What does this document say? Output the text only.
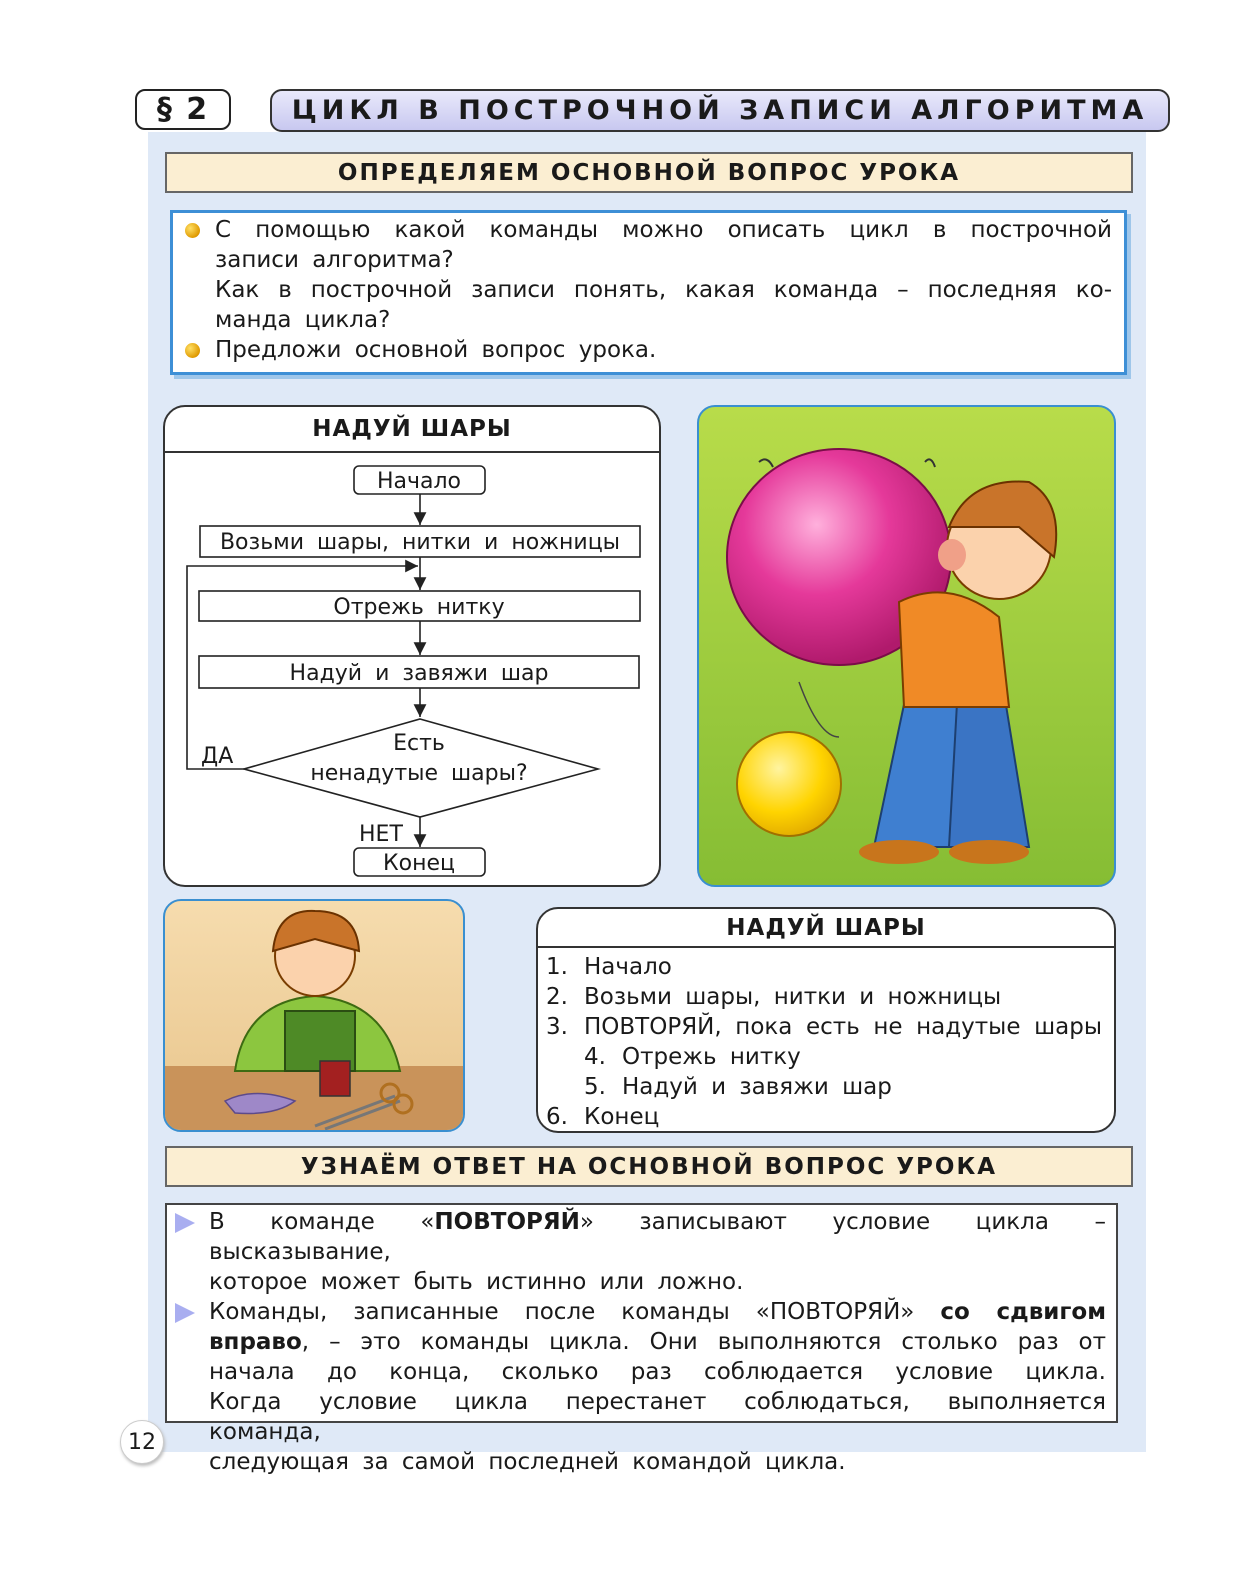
§ 2	ЦИКЛ В ПОСТРОЧНОЙ ЗАПИСИ АЛГОРИТМА
ОПРЕДЕЛЯЕМ ОСНОВНОЙ ВОПРОС УРОКА
С помощью какой команды можно описать цикл в построчной
записи алгоритма?
Как в построчной записи понять, какая команда – последняя ко-
манда цикла?
Предложи основной вопрос урока.
НАДУЙ ШАРЫ
Начало
Возьми шары, нитки и ножницы
Отрежь нитку
Надуй и завяжи шар
Есть
ненадутые шары?
ДА
НЕТ
Конец
НАДУЙ ШАРЫ
1. Начало
2. Возьми шары, нитки и ножницы
3. ПОВТОРЯЙ, пока есть не надутые шары
4. Отрежь нитку
5. Надуй и завяжи шар
6. Конец
УЗНАЁМ ОТВЕТ НА ОСНОВНОЙ ВОПРОС УРОКА
В команде «ПОВТОРЯЙ» записывают условие цикла – высказывание,
которое может быть истинно или ложно.
Команды, записанные после команды «ПОВТОРЯЙ» со сдвигом
вправо, – это команды цикла. Они выполняются столько раз от
начала до конца, сколько раз соблюдается условие цикла.
Когда условие цикла перестанет соблюдаться, выполняется команда,
следующая за самой последней командой цикла.
12
